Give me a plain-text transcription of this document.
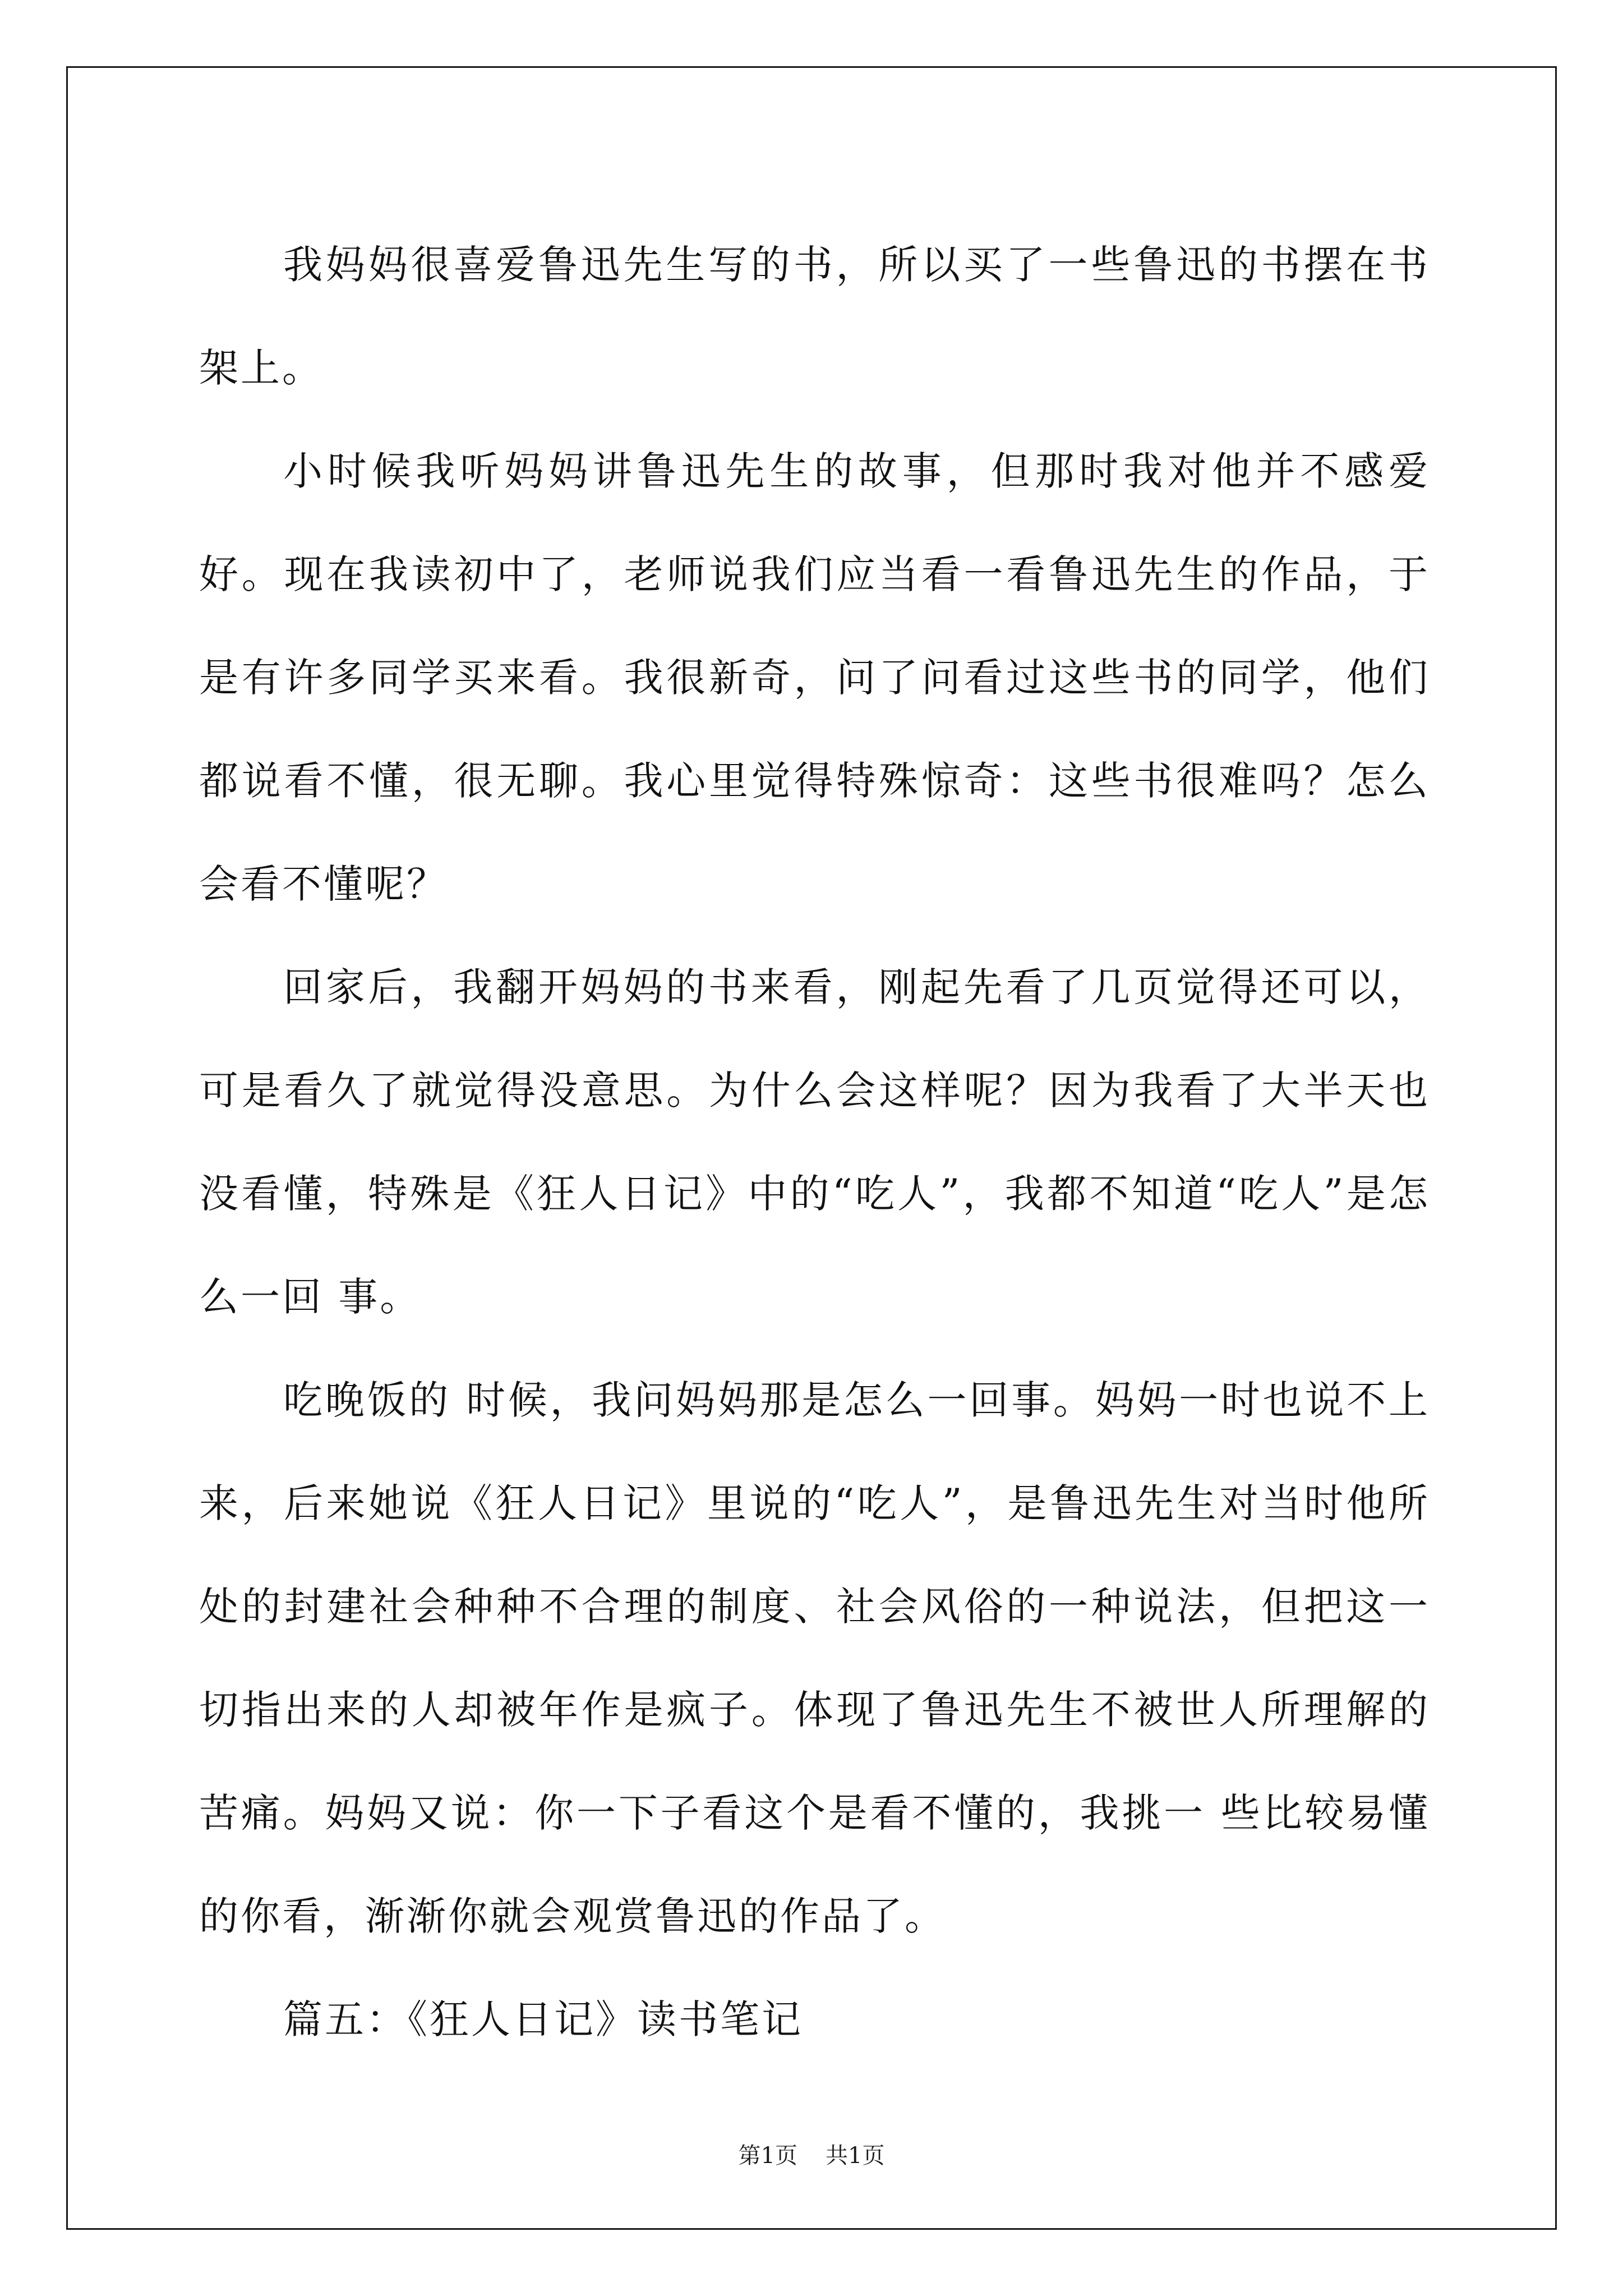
我妈妈很喜爱鲁迅先生写的书，所以买了一些鲁迅的书摆在书架上。

小时候我听妈妈讲鲁迅先生的故事，但那时我对他并不感爱好。现在我读初中了，老师说我们应当看一看鲁迅先生的作品，于是有许多同学买来看。我很新奇，问了问看过这些书的同学，他们都说看不懂，很无聊。我心里觉得特殊惊奇：这些书很难吗？怎么会看不懂呢？

回家后，我翻开妈妈的书来看，刚起先看了几页觉得还可以，可是看久了就觉得没意思。为什么会这样呢？因为我看了大半天也没看懂，特殊是《狂人日记》中的“吃人”，我都不知道“吃人”是怎么一回 事。

吃晚饭的 时候，我问妈妈那是怎么一回事。妈妈一时也说不上来，后来她说《狂人日记》里说的“吃人”，是鲁迅先生对当时他所处的封建社会种种不合理的制度、社会风俗的一种说法，但把这一切指出来的人却被年作是疯子。体现了鲁迅先生不被世人所理解的苦痛。妈妈又说：你一下子看这个是看不懂的，我挑一 些比较易懂的你看，渐渐你就会观赏鲁迅的作品了。

篇五：《狂人日记》读书笔记

第1页 共1页
